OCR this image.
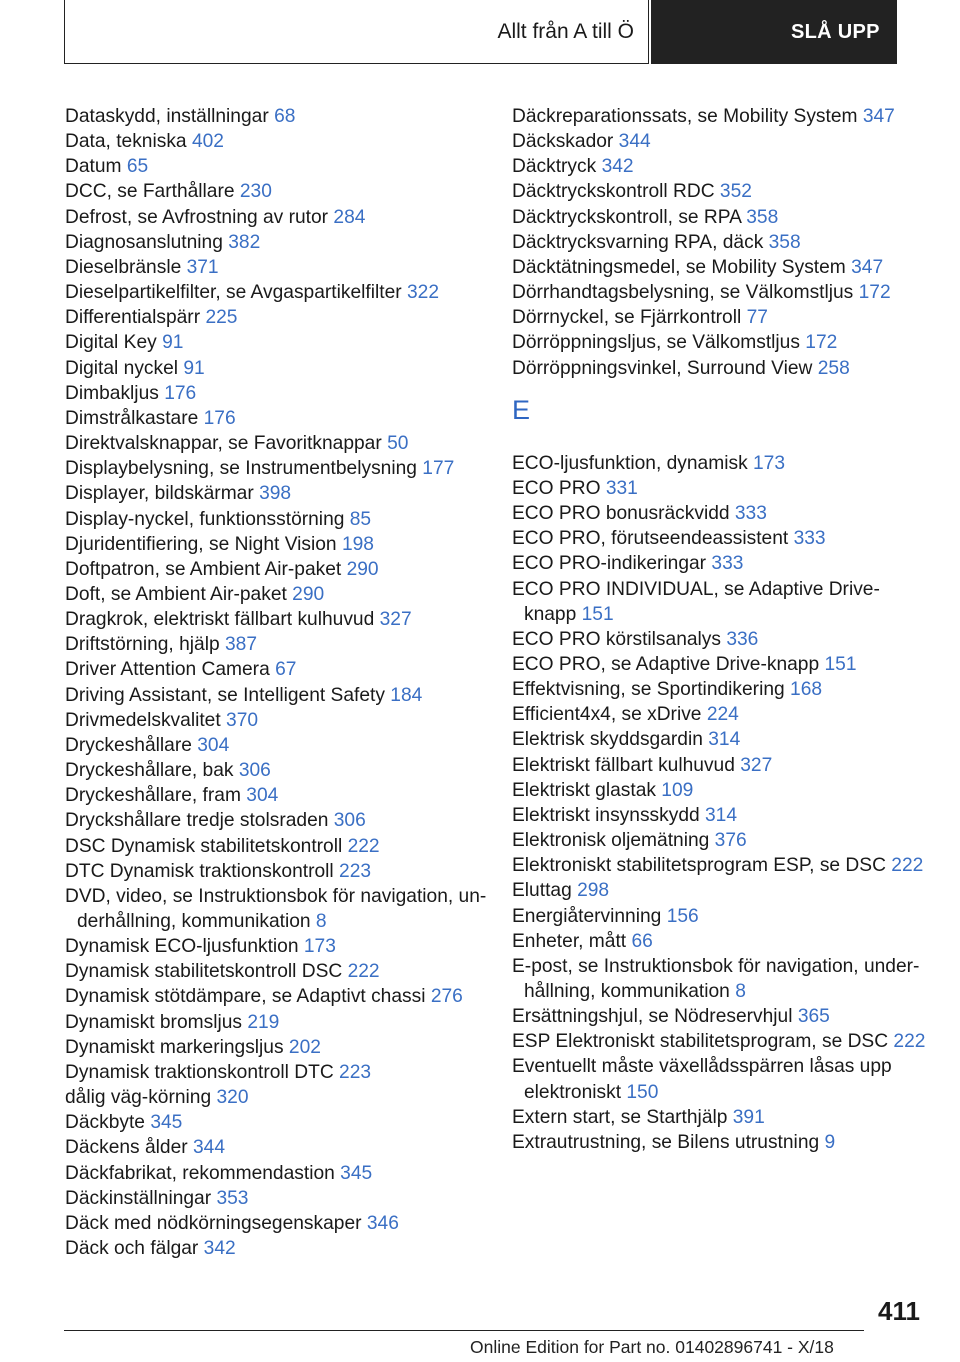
Allt från A till Ö	SLÅ UPP
Dataskydd, inställningar 68
Data, tekniska 402
Datum 65
DCC, se Farthållare 230
Defrost, se Avfrostning av rutor 284
Diagnosanslutning 382
Dieselbränsle 371
Dieselpartikelfilter, se Avgaspartikelfilter 322
Differentialspärr 225
Digital Key 91
Digital nyckel 91
Dimbakljus 176
Dimstrålkastare 176
Direktvalsknappar, se Favoritknappar 50
Displaybelysning, se Instrumentbelysning 177
Displayer, bildskärmar 398
Display-nyckel, funktionsstörning 85
Djuridentifiering, se Night Vision 198
Doftpatron, se Ambient Air-paket 290
Doft, se Ambient Air-paket 290
Dragkrok, elektriskt fällbart kulhuvud 327
Driftstörning, hjälp 387
Driver Attention Camera 67
Driving Assistant, se Intelligent Safety 184
Drivmedelskvalitet 370
Dryckeshållare 304
Dryckeshållare, bak 306
Dryckeshållare, fram 304
Dryckshållare tredje stolsraden 306
DSC Dynamisk stabilitetskontroll 222
DTC Dynamisk traktionskontroll 223
DVD, video, se Instruktionsbok för navigation, underhållning, kommunikation 8
Dynamisk ECO-ljusfunktion 173
Dynamisk stabilitetskontroll DSC 222
Dynamisk stötdämpare, se Adaptivt chassi 276
Dynamiskt bromsljus 219
Dynamiskt markeringsljus 202
Dynamisk traktionskontroll DTC 223
dålig väg-körning 320
Däckbyte 345
Däckens ålder 344
Däckfabrikat, rekommendastion 345
Däckinställningar 353
Däck med nödkörningsegenskaper 346
Däck och fälgar 342
Däckreparationssats, se Mobility System 347
Däckskador 344
Däcktryck 342
Däcktryckskontroll RDC 352
Däcktryckskontroll, se RPA 358
Däcktrycksvarning RPA, däck 358
Däcktätningsmedel, se Mobility System 347
Dörrhandtagsbelysning, se Välkomstljus 172
Dörrnyckel, se Fjärrkontroll 77
Dörröppningsljus, se Välkomstljus 172
Dörröppningsvinkel, Surround View 258
E
ECO-ljusfunktion, dynamisk 173
ECO PRO 331
ECO PRO bonusräckvidd 333
ECO PRO, förutseendeassistent 333
ECO PRO-indikeringar 333
ECO PRO INDIVIDUAL, se Adaptive Drive-knapp 151
ECO PRO körstilsanalys 336
ECO PRO, se Adaptive Drive-knapp 151
Effektvisning, se Sportindikering 168
Efficient4x4, se xDrive 224
Elektrisk skyddsgardin 314
Elektriskt fällbart kulhuvud 327
Elektriskt glastak 109
Elektriskt insynsskydd 314
Elektronisk oljemätning 376
Elektroniskt stabilitetsprogram ESP, se DSC 222
Eluttag 298
Energiåtervinning 156
Enheter, mått 66
E-post, se Instruktionsbok för navigation, underhållning, kommunikation 8
Ersättningshjul, se Nödreservhjul 365
ESP Elektroniskt stabilitetsprogram, se DSC 222
Eventuellt måste växellådsspärren låsas upp elektroniskt 150
Extern start, se Starthjälp 391
Extrautrustning, se Bilens utrustning 9
411
Online Edition for Part no. 01402896741 - X/18
